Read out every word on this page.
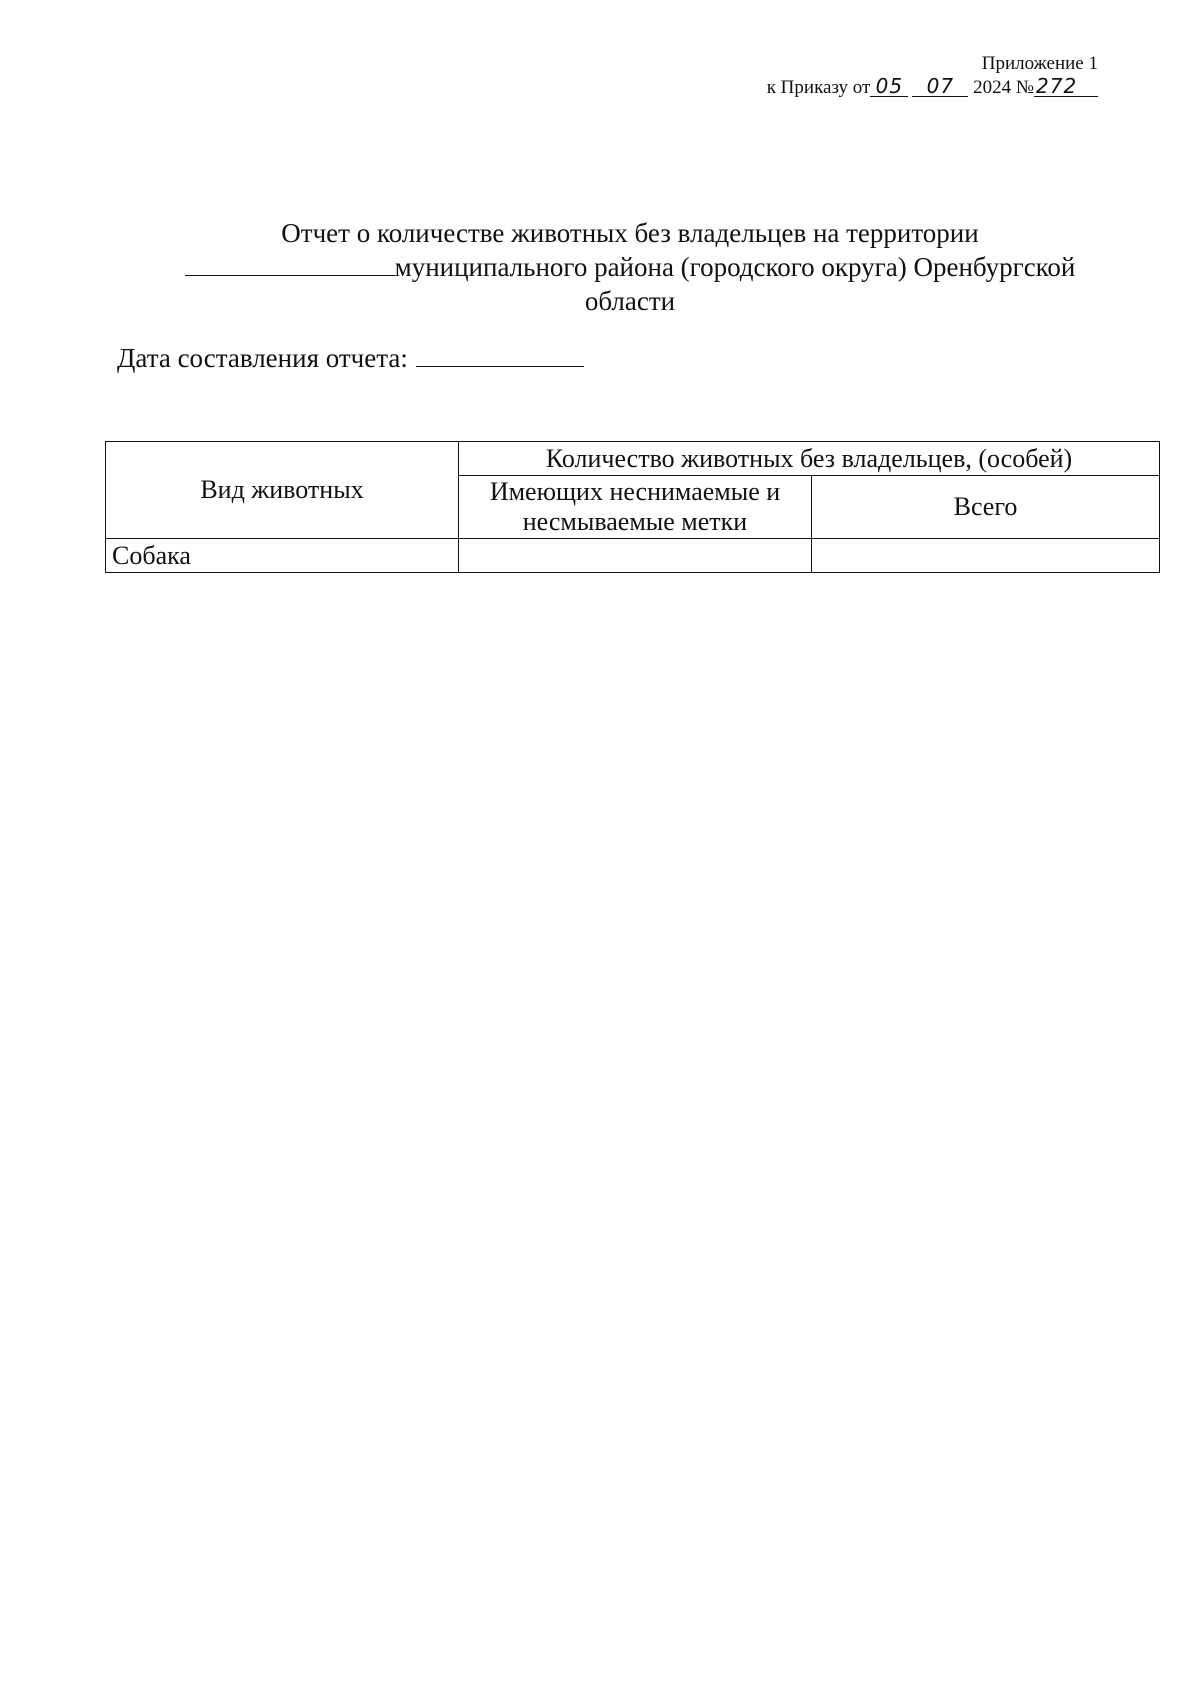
Приложение 1
к Приказу от 05 07 2024 № 272
Отчет о количестве животных без владельцев на территории
муниципального района (городского округа) Оренбургской
области
Дата составления отчета:
Вид животных	Количество животных без владельцев, (особей)	
	Имеющих неснимаемые и несмываемые метки	Всего
Собака		
